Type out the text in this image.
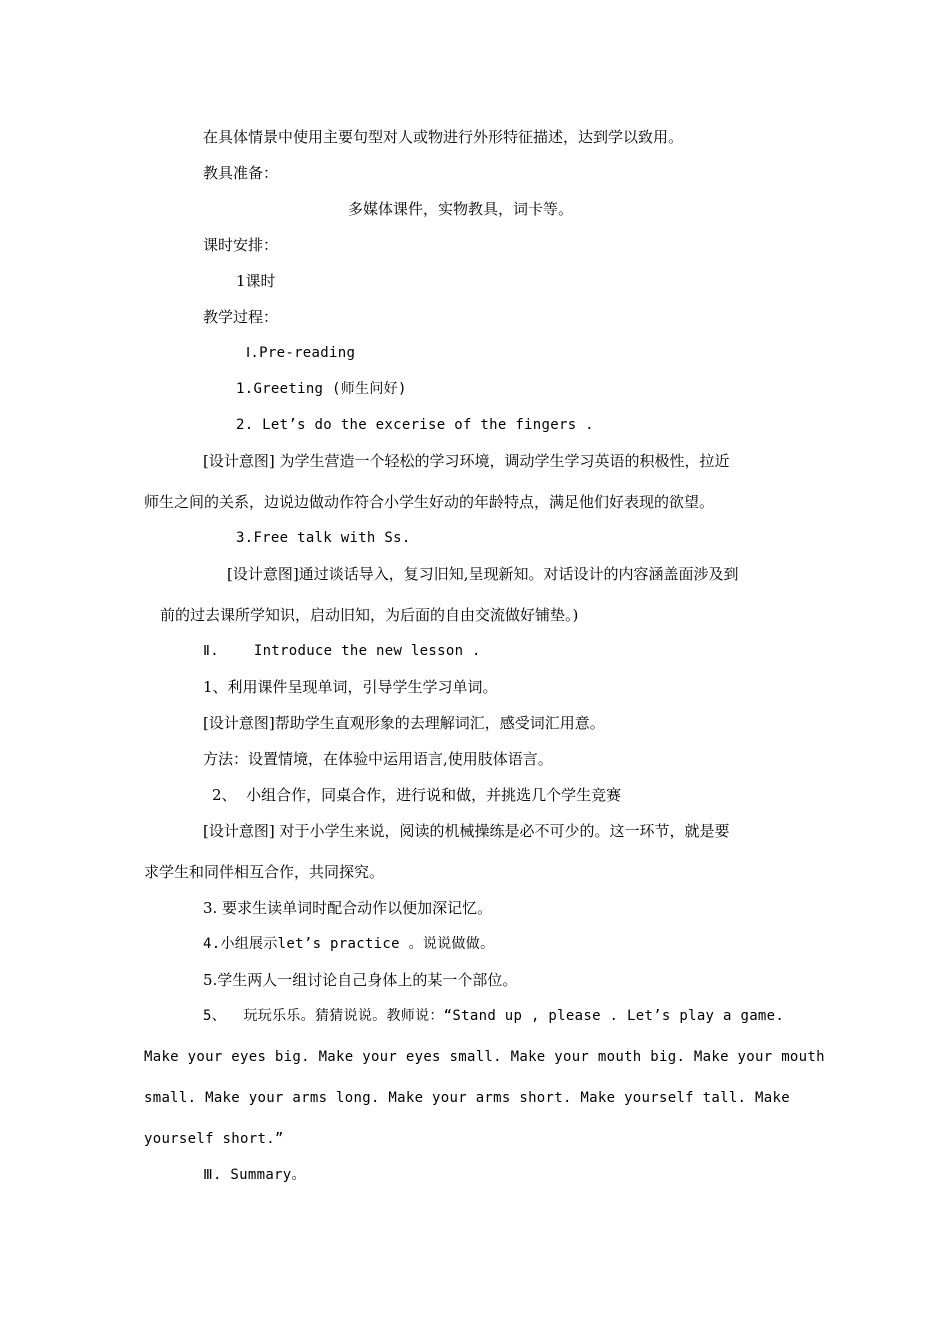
在具体情景中使用主要句型对人或物进行外形特征描述，达到学以致用。
教具准备：
多媒体课件，实物教具，词卡等。
课时安排：
1课时
教学过程：
Ⅰ.Pre-reading
1.Greeting (师生问好)
2. Let’s do the excerise of the fingers .
[设计意图] 为学生营造一个轻松的学习环境，调动学生学习英语的积极性，拉近
师生之间的关系，边说边做动作符合小学生好动的年龄特点，满足他们好表现的欲望。
3.Free talk with Ss.
[设计意图]通过谈话导入，复习旧知,呈现新知。对话设计的内容涵盖面涉及到
前的过去课所学知识，启动旧知，为后面的自由交流做好铺垫。)
Ⅱ.    Introduce the new lesson .
1、利用课件呈现单词，引导学生学习单词。
[设计意图]帮助学生直观形象的去理解词汇，感受词汇用意。
方法：设置情境，在体验中运用语言,使用肢体语言。
2、  小组合作，同桌合作，进行说和做，并挑选几个学生竞赛
[设计意图] 对于小学生来说，阅读的机械操练是必不可少的。这一环节，就是要
求学生和同伴相互合作，共同探究。
3. 要求生读单词时配合动作以便加深记忆。
4.小组展示let’s practice 。说说做做。
5.学生两人一组讨论自己身体上的某一个部位。
5、  玩玩乐乐。猜猜说说。教师说：“Stand up , please . Let’s play a game.
Make your eyes big. Make your eyes small. Make your mouth big. Make your mouth
small. Make your arms long. Make your arms short. Make yourself tall. Make
yourself short.”
Ⅲ. Summary。
